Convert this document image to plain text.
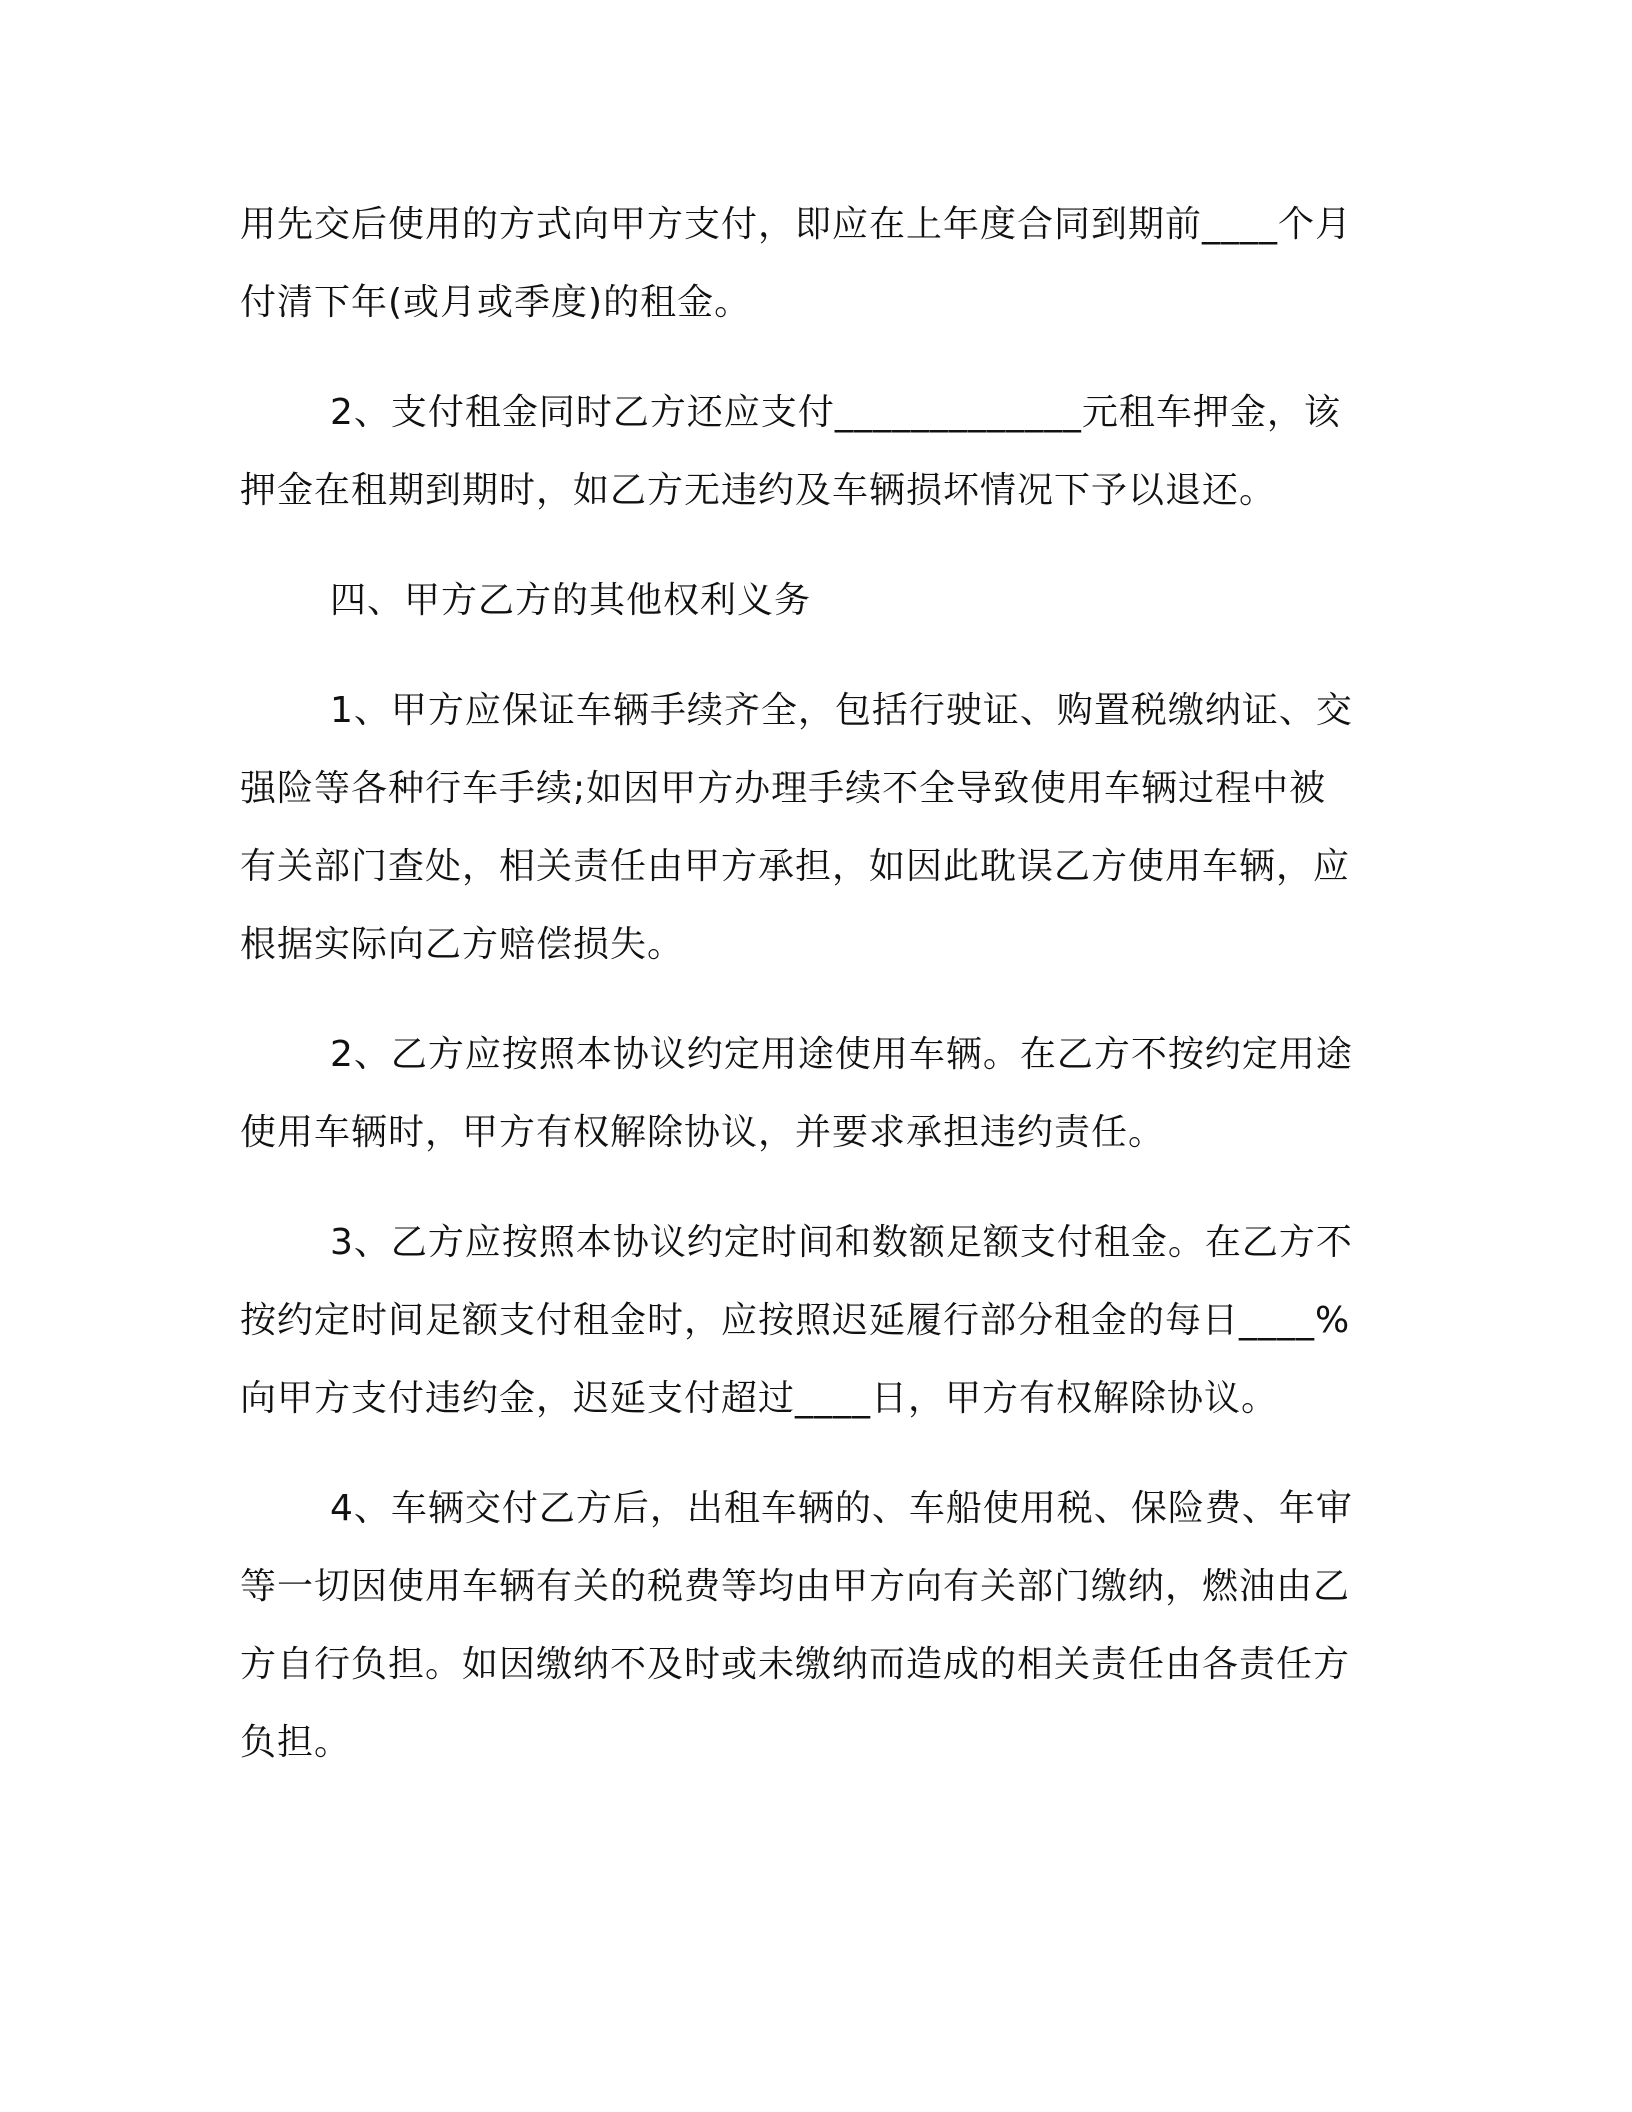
用先交后使用的方式向甲方支付，即应在上年度合同到期前____个月付清下年(或月或季度)的租金。

2、支付租金同时乙方还应支付_____________元租车押金，该押金在租期到期时，如乙方无违约及车辆损坏情况下予以退还。

四、甲方乙方的其他权利义务

1、甲方应保证车辆手续齐全，包括行驶证、购置税缴纳证、交强险等各种行车手续;如因甲方办理手续不全导致使用车辆过程中被有关部门查处，相关责任由甲方承担，如因此耽误乙方使用车辆，应根据实际向乙方赔偿损失。

2、乙方应按照本协议约定用途使用车辆。在乙方不按约定用途使用车辆时，甲方有权解除协议，并要求承担违约责任。

3、乙方应按照本协议约定时间和数额足额支付租金。在乙方不按约定时间足额支付租金时，应按照迟延履行部分租金的每日____%向甲方支付违约金，迟延支付超过____日，甲方有权解除协议。

4、车辆交付乙方后，出租车辆的、车船使用税、保险费、年审等一切因使用车辆有关的税费等均由甲方向有关部门缴纳，燃油由乙方自行负担。如因缴纳不及时或未缴纳而造成的相关责任由各责任方负担。
